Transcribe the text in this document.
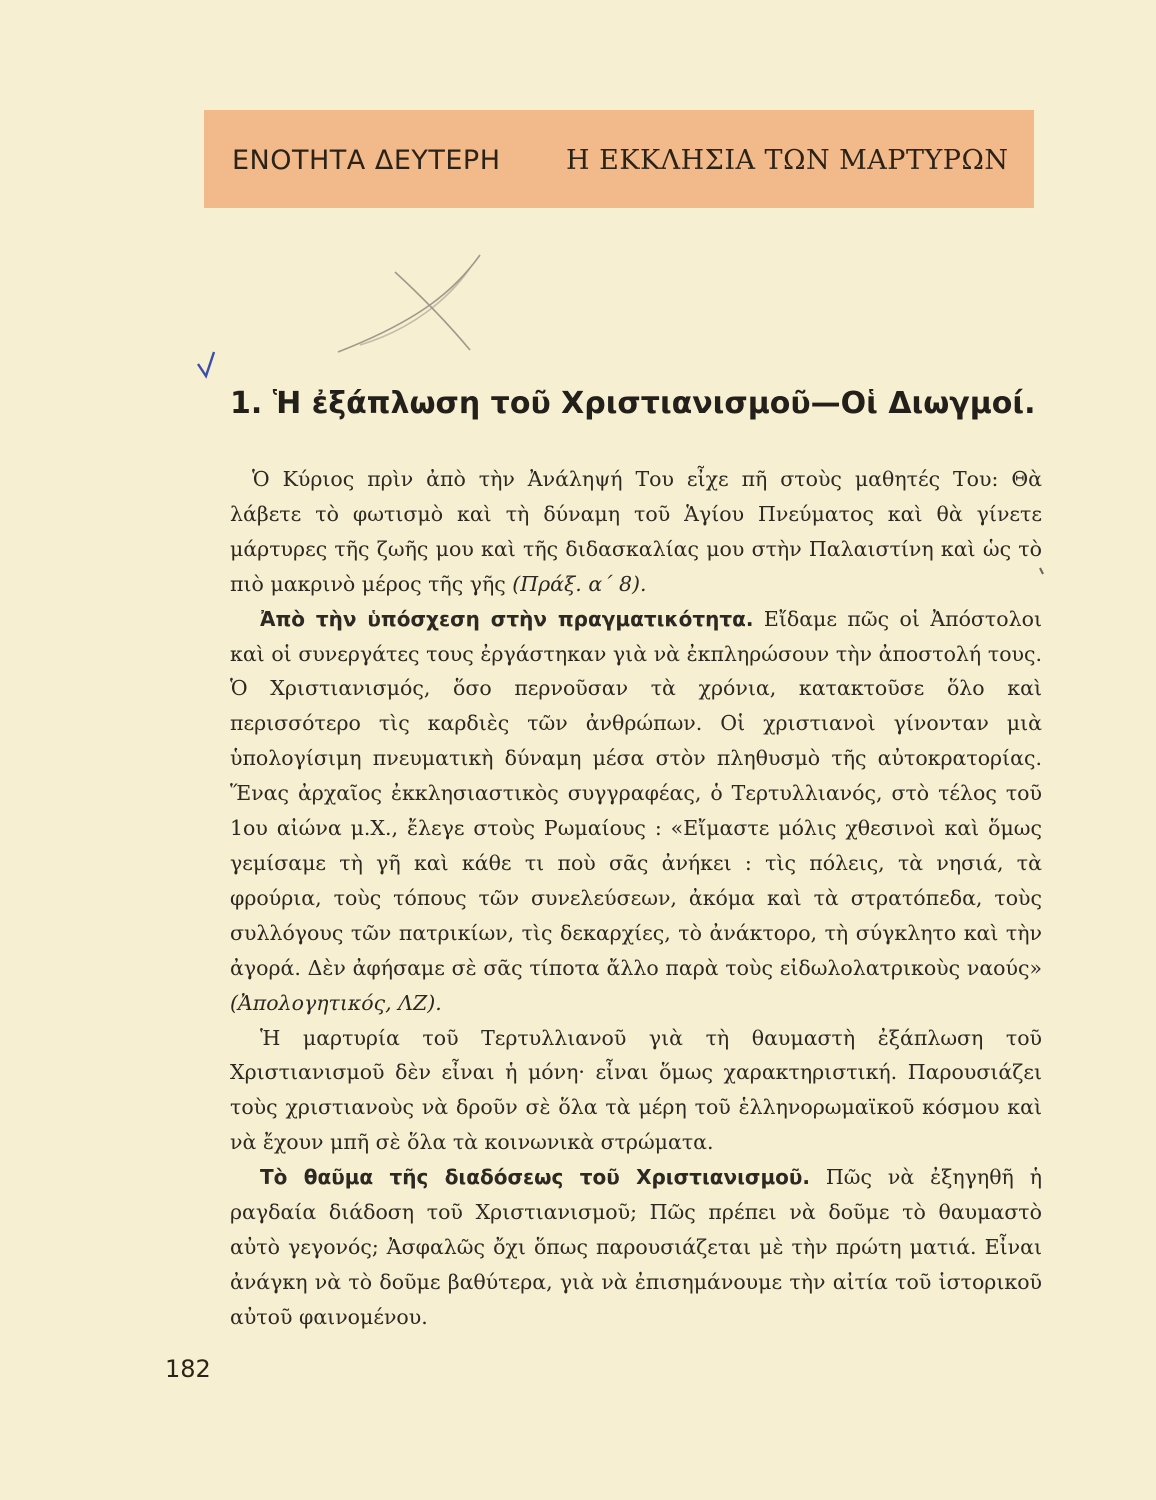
ΕΝΟΤΗΤΑ ΔΕΥΤΕΡΗ Η ΕΚΚΛΗΣΙΑ ΤΩΝ ΜΑΡΤΥΡΩΝ
1. Ἡ ἐξάπλωση τοῦ Χριστιανισμοῦ—Οἱ Διωγμοί.

Ὁ Κύριος πρὶν ἀπὸ τὴν Ἀνάληψή Του εἶχε πῆ στοὺς μαθητές Του: Θὰ λάβετε τὸ φωτισμὸ καὶ τὴ δύναμη τοῦ Ἁγίου Πνεύματος καὶ θὰ γίνετε μάρτυρες τῆς ζωῆς μου καὶ τῆς διδασκαλίας μου στὴν Παλαιστίνη καὶ ὡς τὸ πιὸ μακρινὸ μέρος τῆς γῆς (Πράξ. α΄ 8).

Ἀπὸ τὴν ὑπόσχεση στὴν πραγματικότητα. Εἴδαμε πῶς οἱ Ἀπόστολοι καὶ οἱ συνεργάτες τους ἐργάστηκαν γιὰ νὰ ἐκπληρώσουν τὴν ἀποστολή τους. Ὁ Χριστιανισμός, ὅσο περνοῦσαν τὰ χρόνια, κατακτοῦσε ὅλο καὶ περισσότερο τὶς καρδιὲς τῶν ἀνθρώπων. Οἱ χριστιανοὶ γίνονταν μιὰ ὑπολογίσιμη πνευματικὴ δύναμη μέσα στὸν πληθυσμὸ τῆς αὐτοκρατορίας. Ἕνας ἀρχαῖος ἐκκλησιαστικὸς συγγραφέας, ὁ Τερτυλλιανός, στὸ τέλος τοῦ 1ου αἰώνα μ.Χ., ἔλεγε στοὺς Ρωμαίους : «Εἴμαστε μόλις χθεσινοὶ καὶ ὅμως γεμίσαμε τὴ γῆ καὶ κάθε τι ποὺ σᾶς ἀνήκει : τὶς πόλεις, τὰ νησιά, τὰ φρούρια, τοὺς τόπους τῶν συνελεύσεων, ἀκόμα καὶ τὰ στρατόπεδα, τοὺς συλλόγους τῶν πατρικίων, τὶς δεκαρχίες, τὸ ἀνάκτορο, τὴ σύγκλητο καὶ τὴν ἀγορά. Δὲν ἀφήσαμε σὲ σᾶς τίποτα ἄλλο παρὰ τοὺς εἰδωλολατρικοὺς ναούς» (Ἀπολογητικός, ΛΖ).

Ἡ μαρτυρία τοῦ Τερτυλλιανοῦ γιὰ τὴ θαυμαστὴ ἐξάπλωση τοῦ Χριστιανισμοῦ δὲν εἶναι ἡ μόνη· εἶναι ὅμως χαρακτηριστική. Παρουσιάζει τοὺς χριστιανοὺς νὰ δροῦν σὲ ὅλα τὰ μέρη τοῦ ἑλληνορωμαϊκοῦ κόσμου καὶ νὰ ἔχουν μπῆ σὲ ὅλα τὰ κοινωνικὰ στρώματα.

Τὸ θαῦμα τῆς διαδόσεως τοῦ Χριστιανισμοῦ. Πῶς νὰ ἐξηγηθῆ ἡ ραγδαία διάδοση τοῦ Χριστιανισμοῦ; Πῶς πρέπει νὰ δοῦμε τὸ θαυμαστὸ αὐτὸ γεγονός; Ἀσφαλῶς ὄχι ὅπως παρουσιάζεται μὲ τὴν πρώτη ματιά. Εἶναι ἀνάγκη νὰ τὸ δοῦμε βαθύτερα, γιὰ νὰ ἐπισημάνουμε τὴν αἰτία τοῦ ἱστορικοῦ αὐτοῦ φαινομένου.

182
